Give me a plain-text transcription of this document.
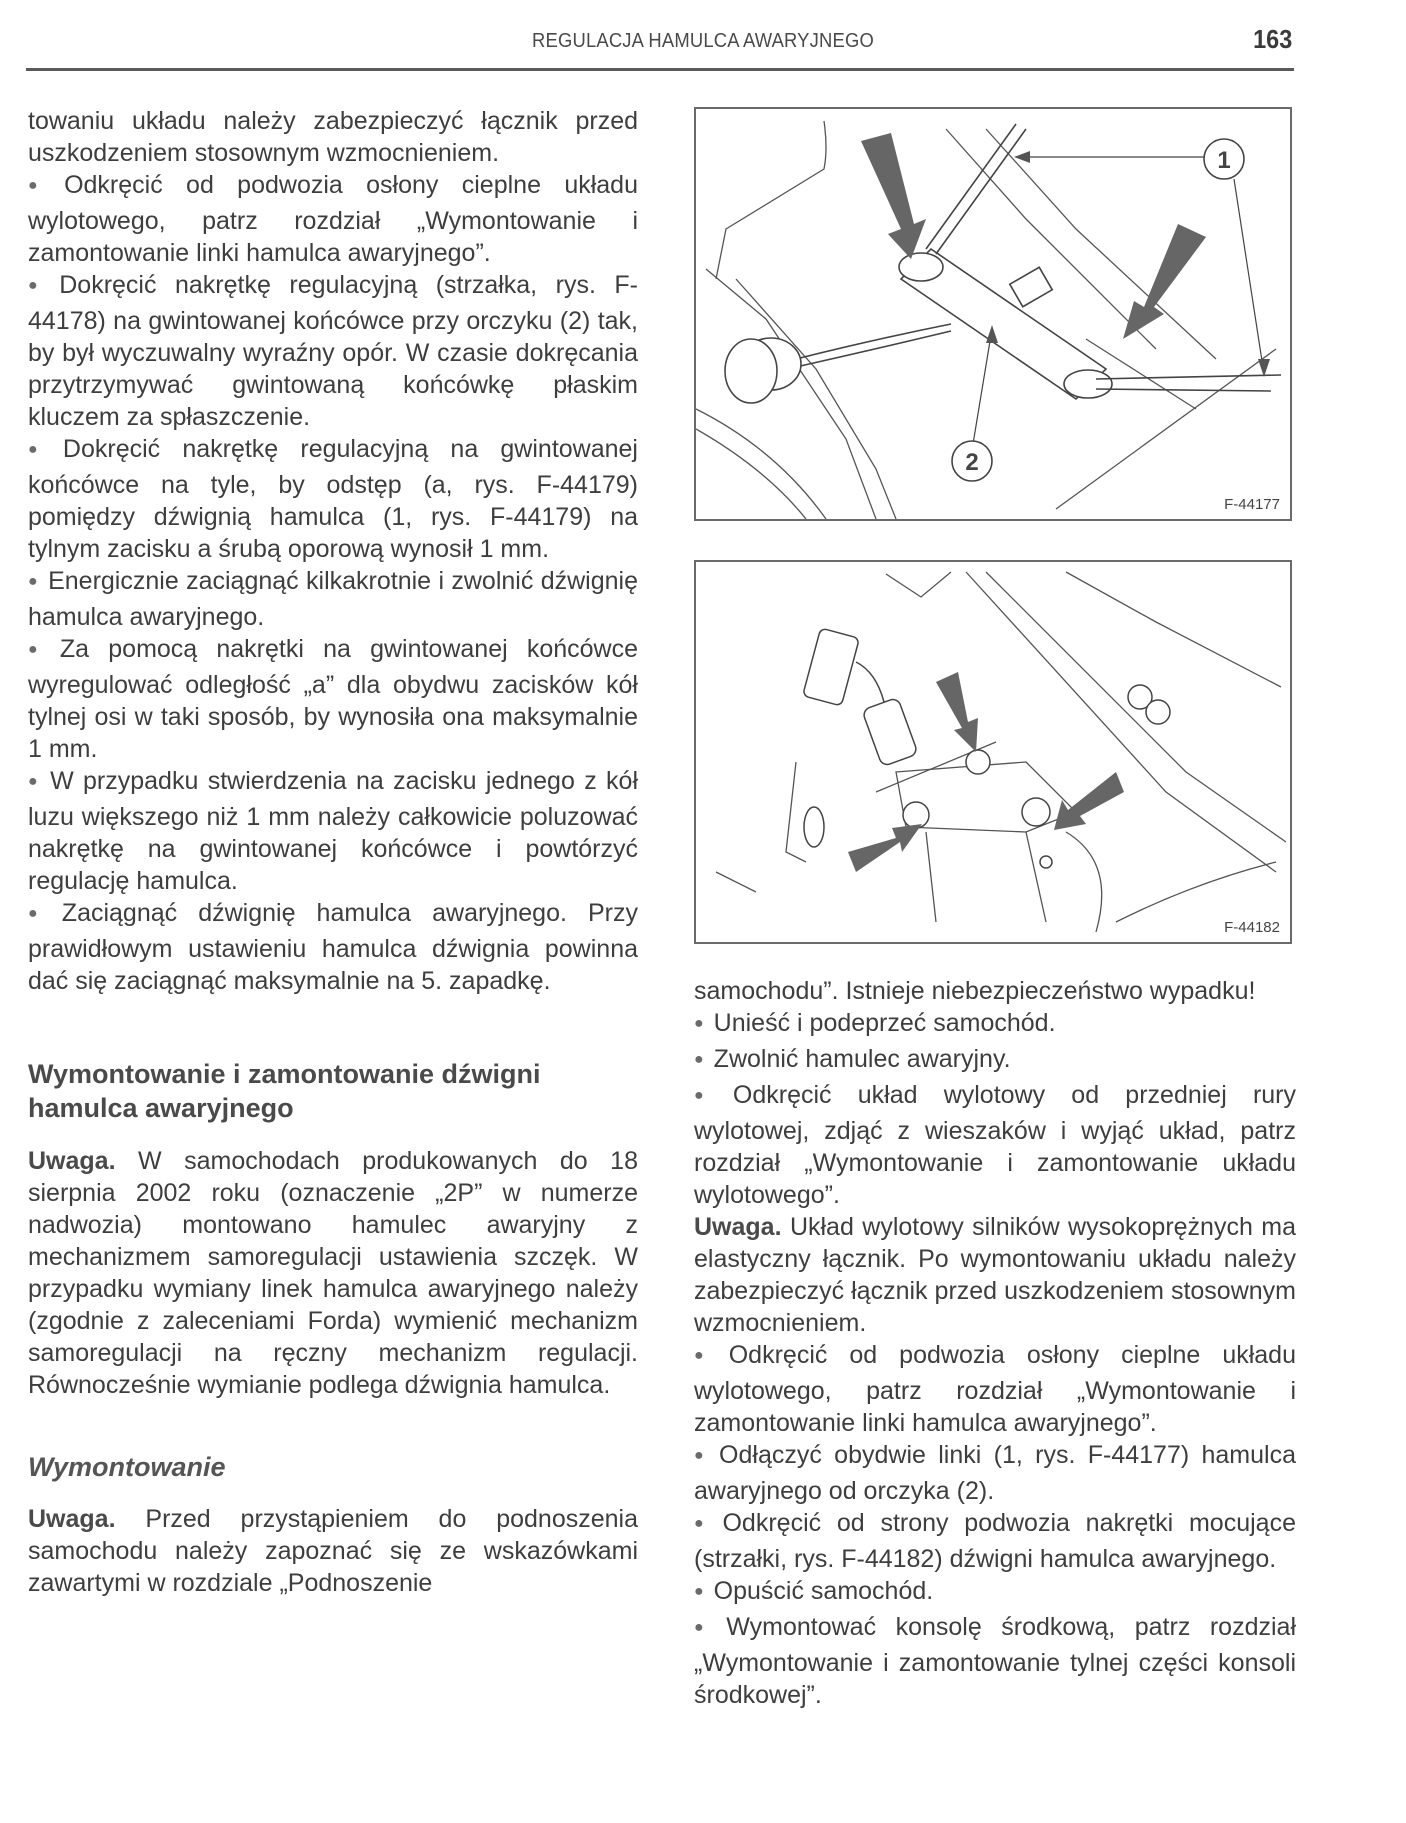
REGULACJA HAMULCA AWARYJNEGO	163

towaniu układu należy zabezpieczyć łącznik przed uszkodzeniem stosownym wzmocnieniem.

● Odkręcić od podwozia osłony cieplne układu wylotowego, patrz rozdział „Wymontowanie i zamontowanie linki hamulca awaryjnego”.

● Dokręcić nakrętkę regulacyjną (strzałka, rys. F-44178) na gwintowanej końcówce przy orczyku (2) tak, by był wyczuwalny wyraźny opór. W czasie dokręcania przytrzymywać gwintowaną końcówkę płaskim kluczem za spłaszczenie.

● Dokręcić nakrętkę regulacyjną na gwintowanej końcówce na tyle, by odstęp (a, rys. F-44179) pomiędzy dźwignią hamulca (1, rys. F-44179) na tylnym zacisku a śrubą oporową wynosił 1 mm.

● Energicznie zaciągnąć kilkakrotnie i zwolnić dźwignię hamulca awaryjnego.

● Za pomocą nakrętki na gwintowanej końcówce wyregulować odległość „a” dla obydwu zacisków kół tylnej osi w taki sposób, by wynosiła ona maksymalnie 1 mm.

● W przypadku stwierdzenia na zacisku jednego z kół luzu większego niż 1 mm należy całkowicie poluzować nakrętkę na gwintowanej końcówce i powtórzyć regulację hamulca.

● Zaciągnąć dźwignię hamulca awaryjnego. Przy prawidłowym ustawieniu hamulca dźwignia powinna dać się zaciągnąć maksymalnie na 5. zapadkę.

Wymontowanie i zamontowanie dźwigni hamulca awaryjnego

Uwaga. W samochodach produkowanych do 18 sierpnia 2002 roku (oznaczenie „2P” w numerze nadwozia) montowano hamulec awaryjny z mechanizmem samoregulacji ustawienia szczęk. W przypadku wymiany linek hamulca awaryjnego należy (zgodnie z zaleceniami Forda) wymienić mechanizm samoregulacji na ręczny mechanizm regulacji. Równocześnie wymianie podlega dźwignia hamulca.

Wymontowanie

Uwaga. Przed przystąpieniem do podnoszenia samochodu należy zapoznać się ze wskazówkami zawartymi w rozdziale „Podnoszenie

1
2
F-44177
F-44182

samochodu”. Istnieje niebezpieczeństwo wypadku!

● Unieść i podeprzeć samochód.

● Zwolnić hamulec awaryjny.

● Odkręcić układ wylotowy od przedniej rury wylotowej, zdjąć z wieszaków i wyjąć układ, patrz rozdział „Wymontowanie i zamontowanie układu wylotowego”.

Uwaga. Układ wylotowy silników wysokoprężnych ma elastyczny łącznik. Po wymontowaniu układu należy zabezpieczyć łącznik przed uszkodzeniem stosownym wzmocnieniem.

● Odkręcić od podwozia osłony cieplne układu wylotowego, patrz rozdział „Wymontowanie i zamontowanie linki hamulca awaryjnego”.

● Odłączyć obydwie linki (1, rys. F-44177) hamulca awaryjnego od orczyka (2).

● Odkręcić od strony podwozia nakrętki mocujące (strzałki, rys. F-44182) dźwigni hamulca awaryjnego.

● Opuścić samochód.

● Wymontować konsolę środkową, patrz rozdział „Wymontowanie i zamontowanie tylnej części konsoli środkowej”.
